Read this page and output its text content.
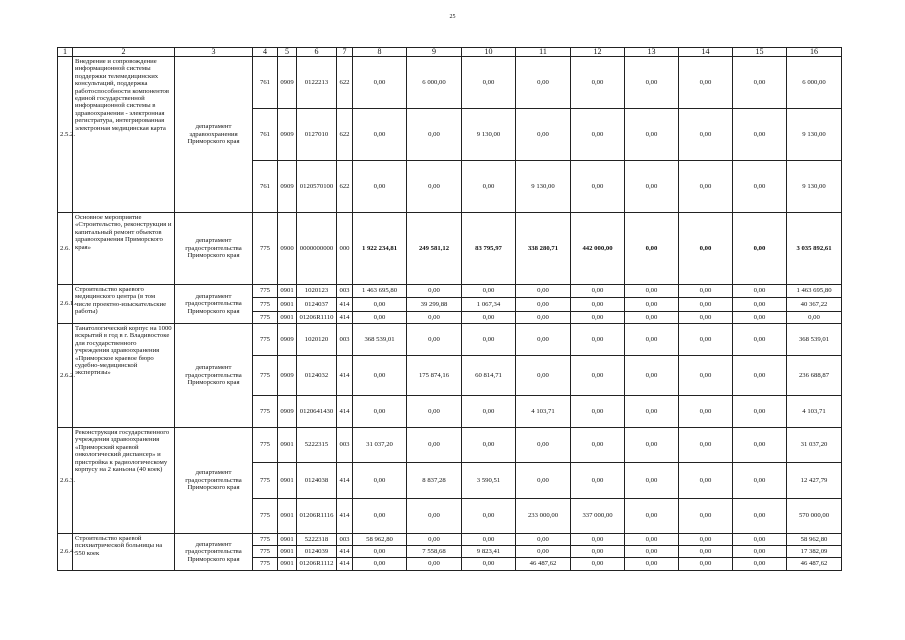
25
1	2	3	4	5	6	7	8	9	10	11	12	13	14	15	16
2.5.2.	Внедрение и сопровождение информационной системы поддержки телемедицинских консультаций, поддержка работоспособности компонентов единой государственной информационной системы в здравоохранении - электронная регистратура, интегрированная электронная медицинская карта	департамент здравоохранения Приморского края	761	0909	0122213	622	0,00	6 000,00	0,00	0,00	0,00	0,00	0,00	0,00	6 000,00
			761	0909	0127010	622	0,00	0,00	9 130,00	0,00	0,00	0,00	0,00	0,00	9 130,00
			761	0909	0120570100	622	0,00	0,00	0,00	9 130,00	0,00	0,00	0,00	0,00	9 130,00
2.6.	Основное мероприятие «Строительство, реконструкция и капитальный ремонт объектов здравоохранения Приморского края»	департамент градостроительства Приморского края	775	0900	0000000000	000	1 922 234,81	249 581,12	83 795,97	338 280,71	442 000,00	0,00	0,00	0,00	3 035 892,61
2.6.1.	Строительство краевого медицинского центра (в том числе проектно-изыскательские работы)	департамент градостроительства Приморского края	775	0901	1020123	003	1 463 695,80	0,00	0,00	0,00	0,00	0,00	0,00	0,00	1 463 695,80
			775	0901	0124037	414	0,00	39 299,88	1 067,34	0,00	0,00	0,00	0,00	0,00	40 367,22
			775	0901	01206R1110	414	0,00	0,00	0,00	0,00	0,00	0,00	0,00	0,00	0,00
2.6.2.	Танатологический корпус на 1000 вскрытий в год в г. Владивостоке для государственного учреждения здравоохранения «Приморское краевое бюро судебно-медицинской экспертизы»	департамент градостроительства Приморского края	775	0909	1020120	003	368 539,01	0,00	0,00	0,00	0,00	0,00	0,00	0,00	368 539,01
			775	0909	0124032	414	0,00	175 874,16	60 814,71	0,00	0,00	0,00	0,00	0,00	236 688,87
			775	0909	0120641430	414	0,00	0,00	0,00	4 103,71	0,00	0,00	0,00	0,00	4 103,71
2.6.3.	Реконструкция государственного учреждения здравоохранения «Приморский краевой онкологический диспансер» и пристройка к радиологическому корпусу на 2 каньона (40 коек)	департамент градостроительства Приморского края	775	0901	5222315	003	31 037,20	0,00	0,00	0,00	0,00	0,00	0,00	0,00	31 037,20
			775	0901	0124038	414	0,00	8 837,28	3 590,51	0,00	0,00	0,00	0,00	0,00	12 427,79
			775	0901	01206R1116	414	0,00	0,00	0,00	233 000,00	337 000,00	0,00	0,00	0,00	570 000,00
2.6.4.	Строительство краевой психиатрической больницы на 550 коек	департамент градостроительства Приморского края	775	0901	5222318	003	58 962,80	0,00	0,00	0,00	0,00	0,00	0,00	0,00	58 962,80
			775	0901	0124039	414	0,00	7 558,68	9 823,41	0,00	0,00	0,00	0,00	0,00	17 382,09
			775	0901	01206R1112	414	0,00	0,00	0,00	46 487,62	0,00	0,00	0,00	0,00	46 487,62
